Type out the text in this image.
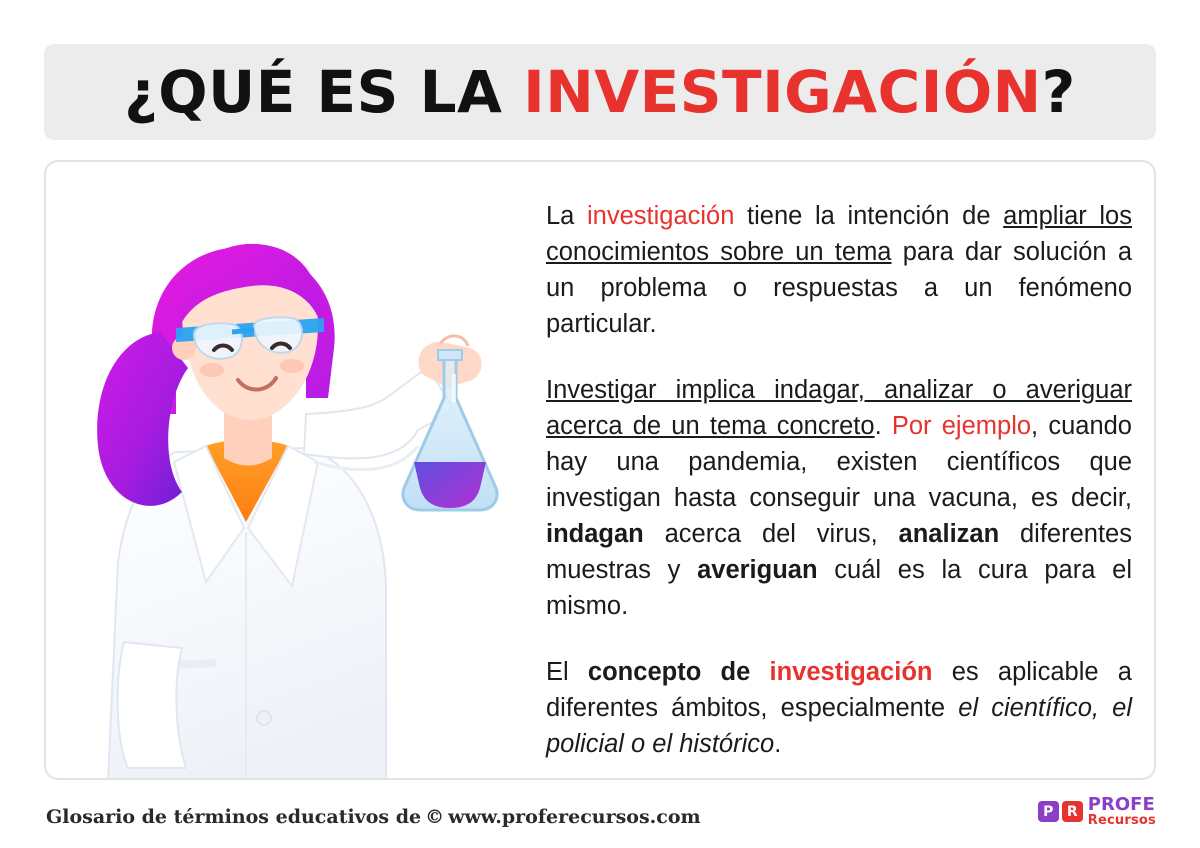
¿QUÉ ES LA INVESTIGACIÓN?

La investigación tiene la intención de ampliar los conocimientos sobre un tema para dar solución a un problema o respuestas a un fenómeno particular.

Investigar implica indagar, analizar o averiguar acerca de un tema concreto. Por ejemplo, cuando hay una pandemia, existen científicos que investigan hasta conseguir una vacuna, es decir, indagan acerca del virus, analizan diferentes muestras y averiguan cuál es la cura para el mismo.

El concepto de investigación es aplicable a diferentes ámbitos, especialmente el científico, el policial o el histórico.

Glosario de términos educativos de © www.proferecursos.com	P R PROFE
Recursos
